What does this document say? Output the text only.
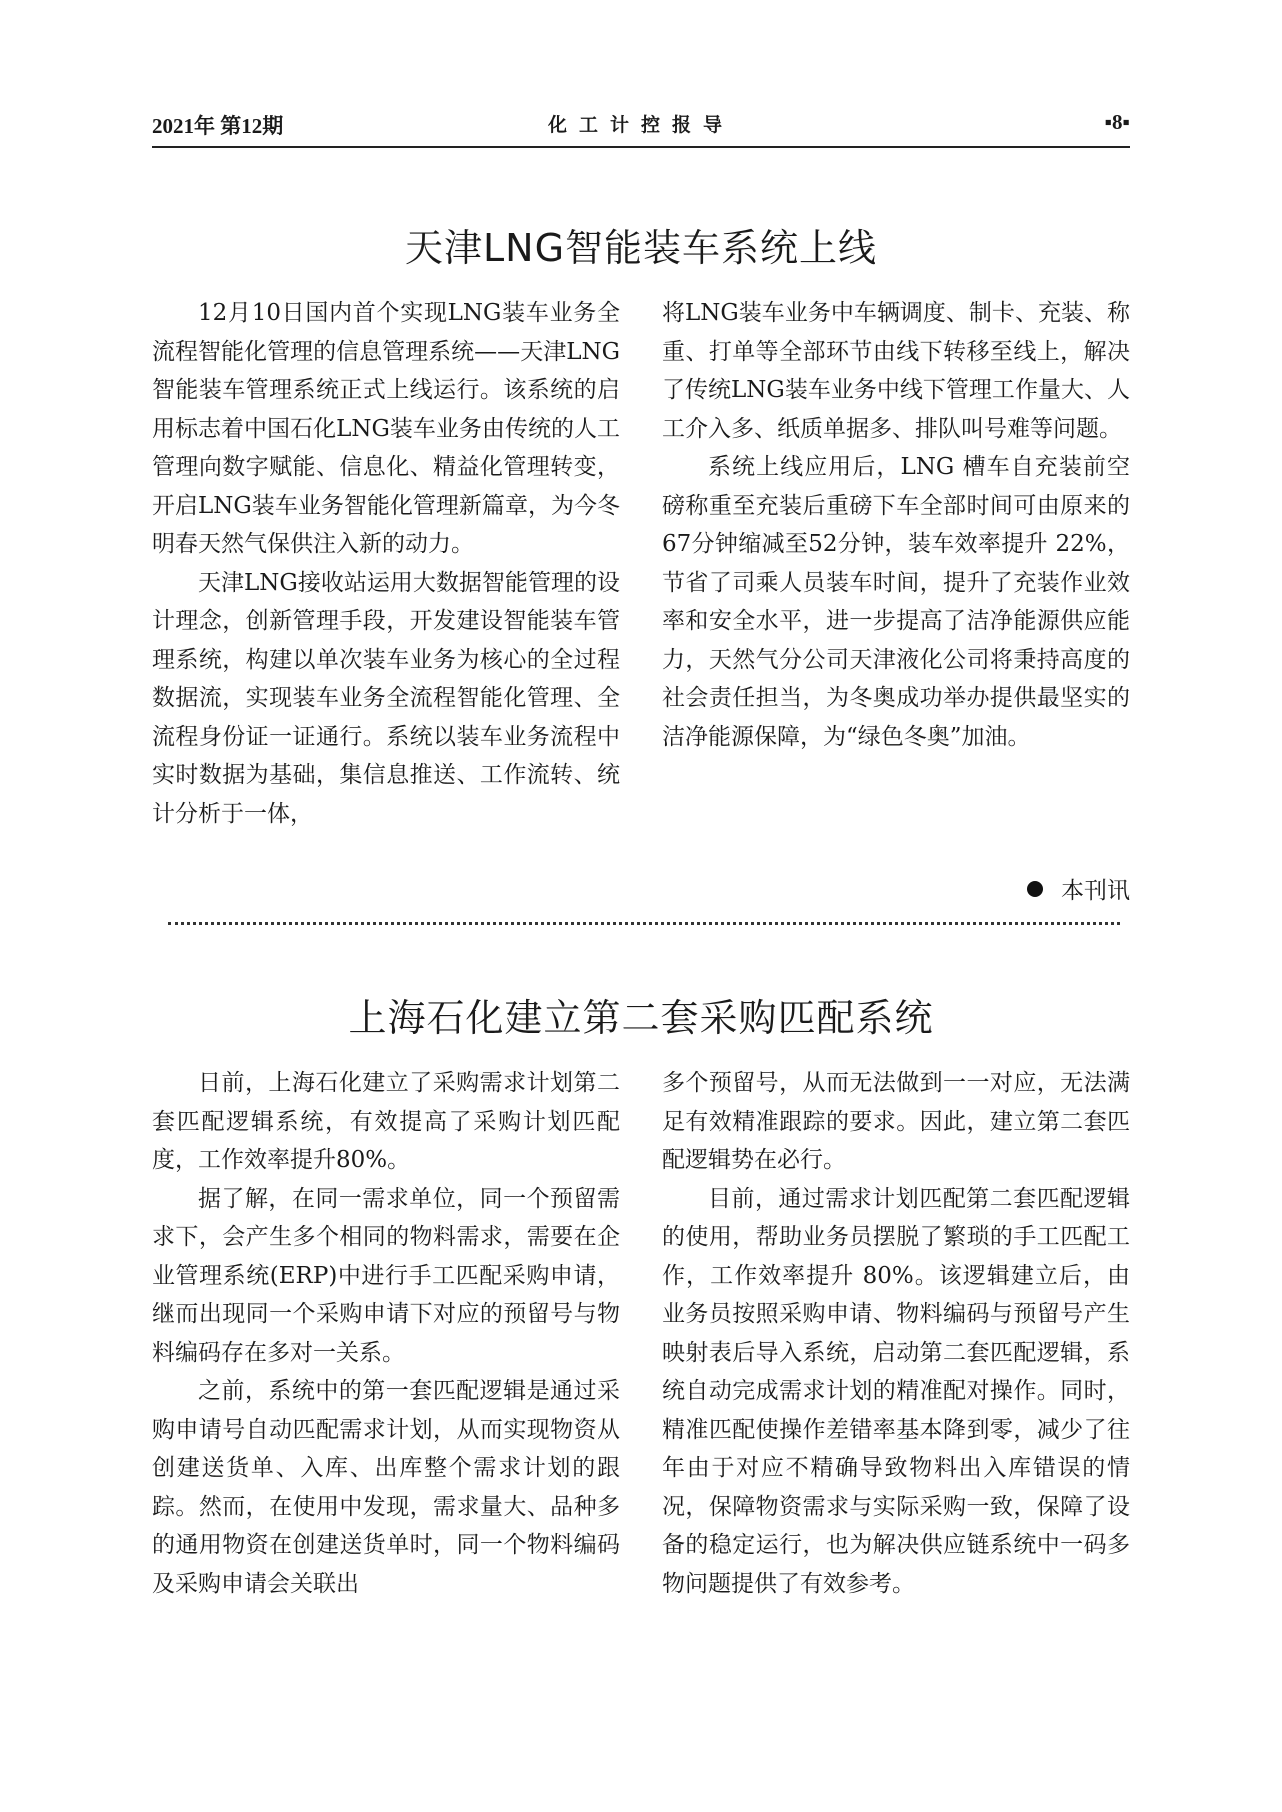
2021年 第12期	化工计控报导	▪8▪
天津LNG智能装车系统上线

12月10日国内首个实现LNG装车业务全流程智能化管理的信息管理系统——天津LNG智能装车管理系统正式上线运行。该系统的启用标志着中国石化LNG装车业务由传统的人工管理向数字赋能、信息化、精益化管理转变，开启LNG装车业务智能化管理新篇章，为今冬明春天然气保供注入新的动力。

天津LNG接收站运用大数据智能管理的设计理念，创新管理手段，开发建设智能装车管理系统，构建以单次装车业务为核心的全过程数据流，实现装车业务全流程智能化管理、全流程身份证一证通行。系统以装车业务流程中实时数据为基础，集信息推送、工作流转、统计分析于一体，

将LNG装车业务中车辆调度、制卡、充装、称重、打单等全部环节由线下转移至线上，解决了传统LNG装车业务中线下管理工作量大、人工介入多、纸质单据多、排队叫号难等问题。

系统上线应用后，LNG 槽车自充装前空磅称重至充装后重磅下车全部时间可由原来的67分钟缩减至52分钟，装车效率提升 22%，节省了司乘人员装车时间，提升了充装作业效率和安全水平，进一步提高了洁净能源供应能力，天然气分公司天津液化公司将秉持高度的社会责任担当，为冬奥成功举办提供最坚实的洁净能源保障，为“绿色冬奥”加油。

本刊讯
上海石化建立第二套采购匹配系统

日前，上海石化建立了采购需求计划第二套匹配逻辑系统，有效提高了采购计划匹配度，工作效率提升80%。

据了解，在同一需求单位，同一个预留需求下，会产生多个相同的物料需求，需要在企业管理系统(ERP)中进行手工匹配采购申请，继而出现同一个采购申请下对应的预留号与物料编码存在多对一关系。

之前，系统中的第一套匹配逻辑是通过采购申请号自动匹配需求计划，从而实现物资从创建送货单、入库、出库整个需求计划的跟踪。然而，在使用中发现，需求量大、品种多的通用物资在创建送货单时，同一个物料编码及采购申请会关联出

多个预留号，从而无法做到一一对应，无法满足有效精准跟踪的要求。因此，建立第二套匹配逻辑势在必行。

目前，通过需求计划匹配第二套匹配逻辑的使用，帮助业务员摆脱了繁琐的手工匹配工作，工作效率提升 80%。该逻辑建立后，由业务员按照采购申请、物料编码与预留号产生映射表后导入系统，启动第二套匹配逻辑，系统自动完成需求计划的精准配对操作。同时，精准匹配使操作差错率基本降到零，减少了往年由于对应不精确导致物料出入库错误的情况，保障物资需求与实际采购一致，保障了设备的稳定运行，也为解决供应链系统中一码多物问题提供了有效参考。
